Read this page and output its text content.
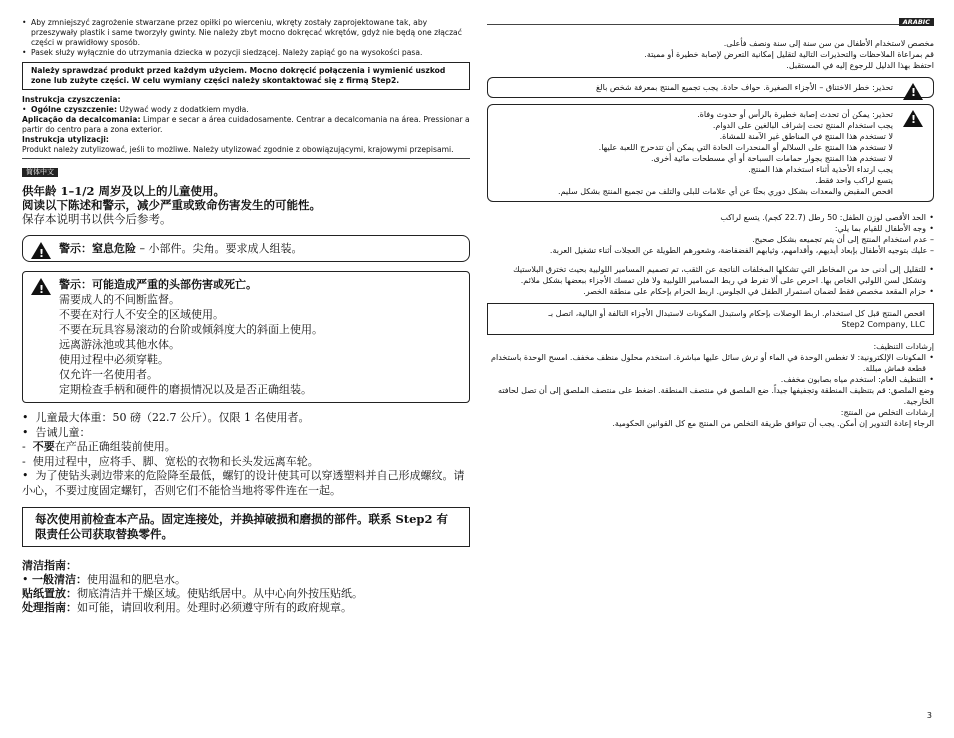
• Aby zmniejszyć zagrożenie stwarzane przez opiłki po wierceniu, wkręty zostały zaprojektowane tak, aby przeszywały plastik i same tworzyły gwinty. Nie należy zbyt mocno dokręcać wkrętów, gdyż nie będą one złączać części w prawidłowy sposób.

• Pasek służy wyłącznie do utrzymania dziecka w pozycji siedzącej. Należy zapiąć go na wysokości pasa.

Należy sprawdzać produkt przed każdym użyciem. Mocno dokręcić połączenia i wymienić uszkod zone lub zużyte części. W celu wymiany części należy skontaktować się z firmą Step2.

Instrukcja czyszczenia:

• Ogólne czyszczenie: Używać wody z dodatkiem mydła.

Aplicação da decalcomania: Limpar e secar a área cuidadosamente. Centrar a decalcomania na área. Pressionar a partir do centro para a zona exterior.

Instrukcja utylizacji:

Produkt należy zutylizować, jeśli to możliwe. Należy utylizować zgodnie z obowiązującymi, krajowymi przepisami.

简体中文
供年龄 1–1/2 周岁及以上的儿童使用。
阅读以下陈述和警示，减少严重或致命伤害发生的可能性。
保存本说明书以供今后参考。
!
警示：窒息危险 – 小部件。尖角。要求成人组装。
!
警示：可能造成严重的头部伤害或死亡。
需要成人的不间断监督。
不要在对行人不安全的区域使用。
不要在玩具容易滚动的台阶或倾斜度大的斜面上使用。
远离游泳池或其他水体。
使用过程中必须穿鞋。
仅允许一名使用者。
定期检查手柄和硬件的磨损情况以及是否正确组装。
•  儿童最大体重：50 磅（22.7 公斤）。仅限 1 名使用者。
•  告诫儿童：
-  不要在产品正确组装前使用。
-  使用过程中，应将手、脚、宽松的衣物和长头发远离车轮。
•  为了使钻头剥边带来的危险降至最低，螺钉的设计使其可以穿透塑料并自己形成螺纹。请小心，不要过度固定螺钉，否则它们不能恰当地将零件连在一起。
每次使用前检查本产品。固定连接处，并换掉破损和磨损的部件。联系 Step2 有限责任公司获取替换零件。
清洁指南：
• 一般清洁：使用温和的肥皂水。
贴纸置放：彻底清洁并干燥区域。使贴纸居中。从中心向外按压贴纸。
处理指南：如可能，请回收利用。处理时必须遵守所有的政府规章。
ARABIC
مخصص لاستخدام الأطفال من سن سنة إلى سنة ونصف فأعلى.
قم بمراعاة الملاحظات والتحذيرات التالية لتقليل إمكانية التعرض لإصابة خطيرة أو مميتة.
احتفظ بهذا الدليل للرجوع إليه في المستقبل.
!
تحذير: خطر الاختناق – الأجزاء الصغيرة. حواف حادة. يجب تجميع المنتج بمعرفة شخص بالغ
!
تحذير: يمكن أن تحدث إصابة خطيرة بالرأس أو حدوث وفاة.
يجب استخدام المنتج تحت إشراف البالغين على الدوام.
لا تستخدم هذا المنتج في المناطق غير الآمنة للمشاة.
لا تستخدم هذا المنتج على السلالم أو المنحدرات الحادة التي يمكن أن تتدحرج اللعبة عليها.
لا تستخدم هذا المنتج بجوار حمامات السباحة أو أي مسطحات مائية أخرى.
يجب ارتداء الأحذية أثناء استخدام هذا المنتج.
يتسع لراكب واحد فقط.
افحص المقبض والمعدات بشكل دوري بحثًا عن أي علامات للبلى والتلف من تجميع المنتج بشكل سليم.
• الحد الأقصى لوزن الطفل: 50 رطل (22.7 كجم). يتسع لراكب
• وجه الأطفال للقيام بما يلي:
– عدم استخدام المنتج إلى أن يتم تجميعه بشكل صحيح.
– عليك بتوجيه الأطفال بإبعاد أيديهم، وأقدامهم، وثيابهم الفضفاضة، وشعورهم الطويلة عن العجلات أثناء تشغيل العربة.
• للتقليل إلى أدنى حد من المخاطر التي تشكلها المخلفات الناتجة عن الثقب، تم تصميم المسامير اللولبية بحيث تخترق البلاستيك وتشكل لسن اللولبي الخاص بها. احرص على ألا تفرط في ربط المسامير اللولبية ولا فلن تمسك الأجزاء ببعضها بشكل ملائم.
• حزام المقعد مخصص فقط لضمان استمرار الطفل في الجلوس. اربط الحزام بإحكام على منطقة الخصر.
افحص المنتج قبل كل استخدام. اربط الوصلات بإحكام واستبدل المكونات لاستبدال الأجزاء التالفة أو البالية، اتصل بـ
Step2 Company, LLC
إرشادات التنظيف:
• المكونات الإلكترونية: لا تغطس الوحدة في الماء أو ترش سائل عليها مباشرة. استخدم محلول منظف مخفف. امسح الوحدة باستخدام قطعة قماش مبللة.
• التنظيف العام: استخدم مياه بصابون مخفف.
وضع الملصق: قم بتنظيف المنطقة وتجفيفها جيداً. ضع الملصق في منتصف المنطقة. اضغط على منتصف الملصق إلى أن تصل لحافته الخارجية.
إرشادات التخلص من المنتج:
الرجاء إعادة التدوير إن أمكن. يجب أن تتوافق طريقة التخلص من المنتج مع كل القوانين الحكومية.
3
